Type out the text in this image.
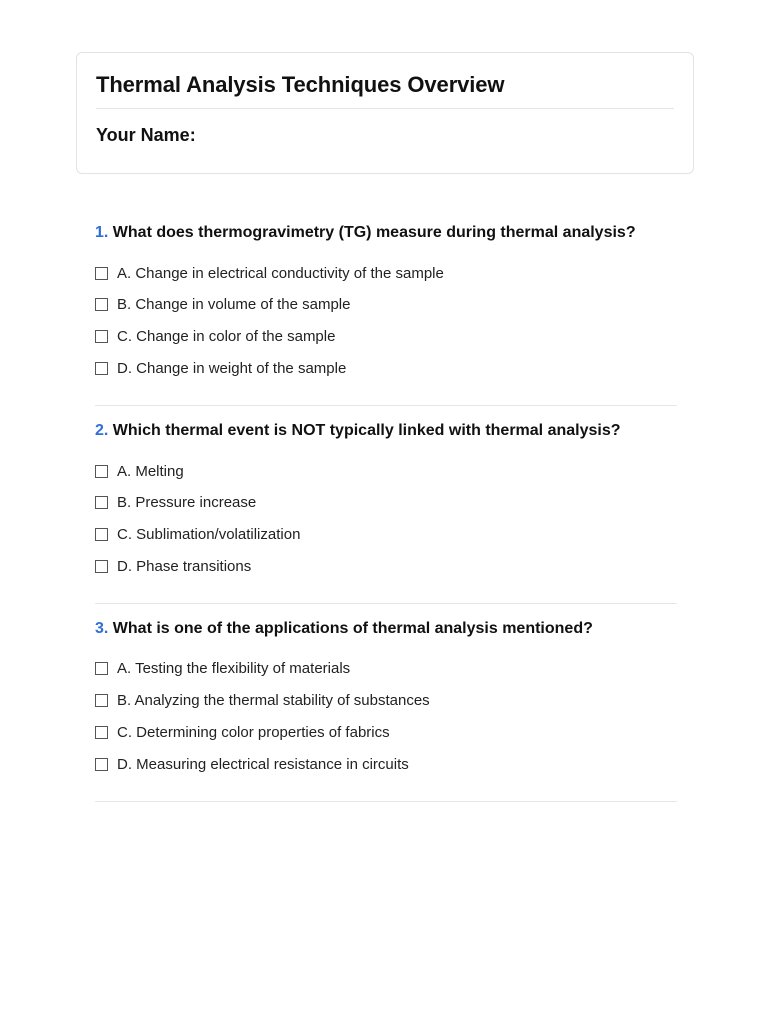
Thermal Analysis Techniques Overview
Your Name:
1. What does thermogravimetry (TG) measure during thermal analysis?
A. Change in electrical conductivity of the sample
B. Change in volume of the sample
C. Change in color of the sample
D. Change in weight of the sample
2. Which thermal event is NOT typically linked with thermal analysis?
A. Melting
B. Pressure increase
C. Sublimation/volatilization
D. Phase transitions
3. What is one of the applications of thermal analysis mentioned?
A. Testing the flexibility of materials
B. Analyzing the thermal stability of substances
C. Determining color properties of fabrics
D. Measuring electrical resistance in circuits
